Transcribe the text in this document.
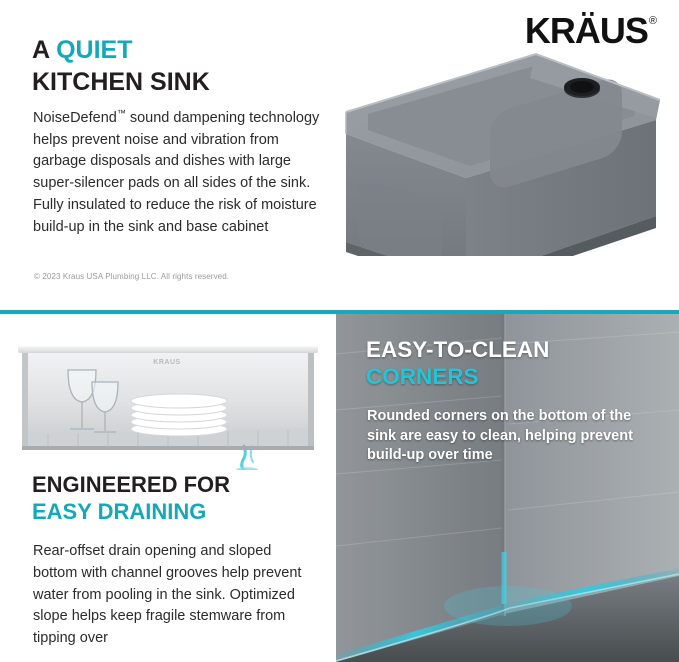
KRÄUS®
A QUIET
KITCHEN SINK
NoiseDefend™ sound dampening technology helps prevent noise and vibration from garbage disposals and dishes with large super-silencer pads on all sides of the sink. Fully insulated to reduce the risk of moisture build-up in the sink and base cabinet
© 2023 Kraus USA Plumbing LLC. All rights reserved.
KRAUS
ENGINEERED FOR
EASY DRAINING
Rear-offset drain opening and sloped bottom with channel grooves help prevent water from pooling in the sink. Optimized slope helps keep fragile stemware from tipping over
EASY-TO-CLEAN
CORNERS
Rounded corners on the bottom of the sink are easy to clean, helping prevent build-up over time
